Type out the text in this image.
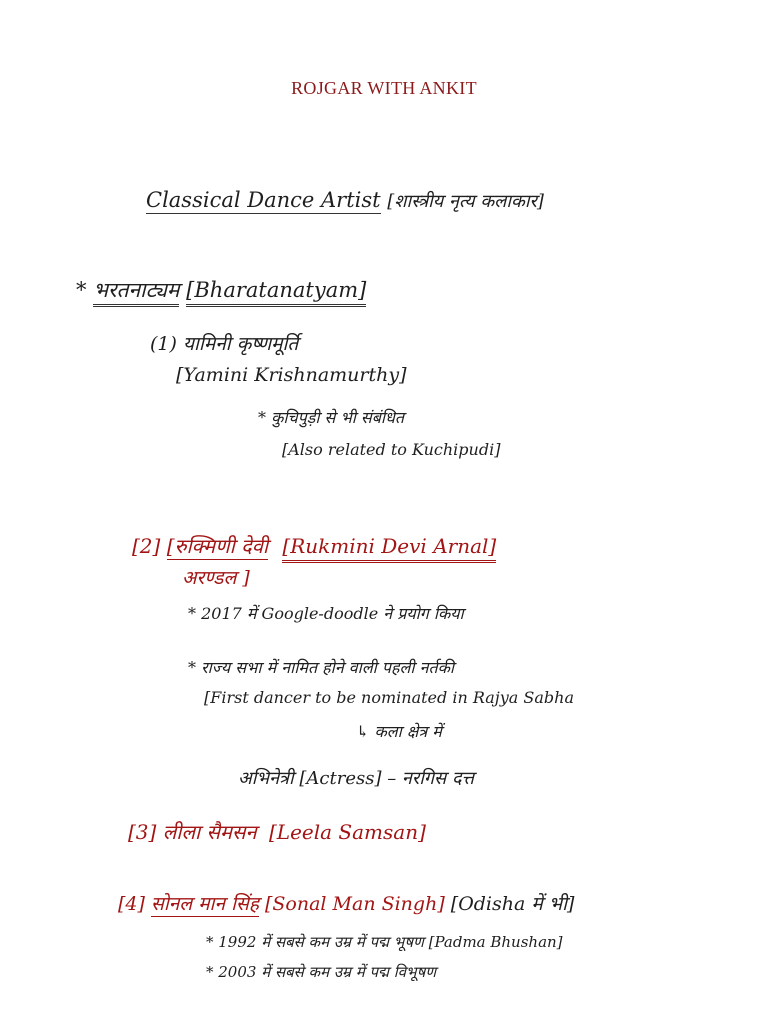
ROJGAR WITH ANKIT
Classical Dance Artist [शास्त्रीय नृत्य कलाकार]
* भरतनाट्यम [Bharatanatyam]
(1) यामिनी कृष्णमूर्ति
[Yamini Krishnamurthy]
* कुचिपुड़ी से भी संबंधित
[Also related to Kuchipudi]
[2] [रुक्मिणी देवी [Rukmini Devi Arnal]
अरण्डल ]
* 2017 में Google-doodle ने प्रयोग किया
* राज्य सभा में नामित होने वाली पहली नर्तकी
[First dancer to be nominated in Rajya Sabha
↳ कला क्षेत्र में
अभिनेत्री [Actress] – नरगिस दत्त
[3] लीला सैमसन [Leela Samsan]
[4] सोनल मान सिंह [Sonal Man Singh] [Odisha में भी]
* 1992 में सबसे कम उम्र में पद्म भूषण [Padma Bhushan]
* 2003 में सबसे कम उम्र में पद्म विभूषण
